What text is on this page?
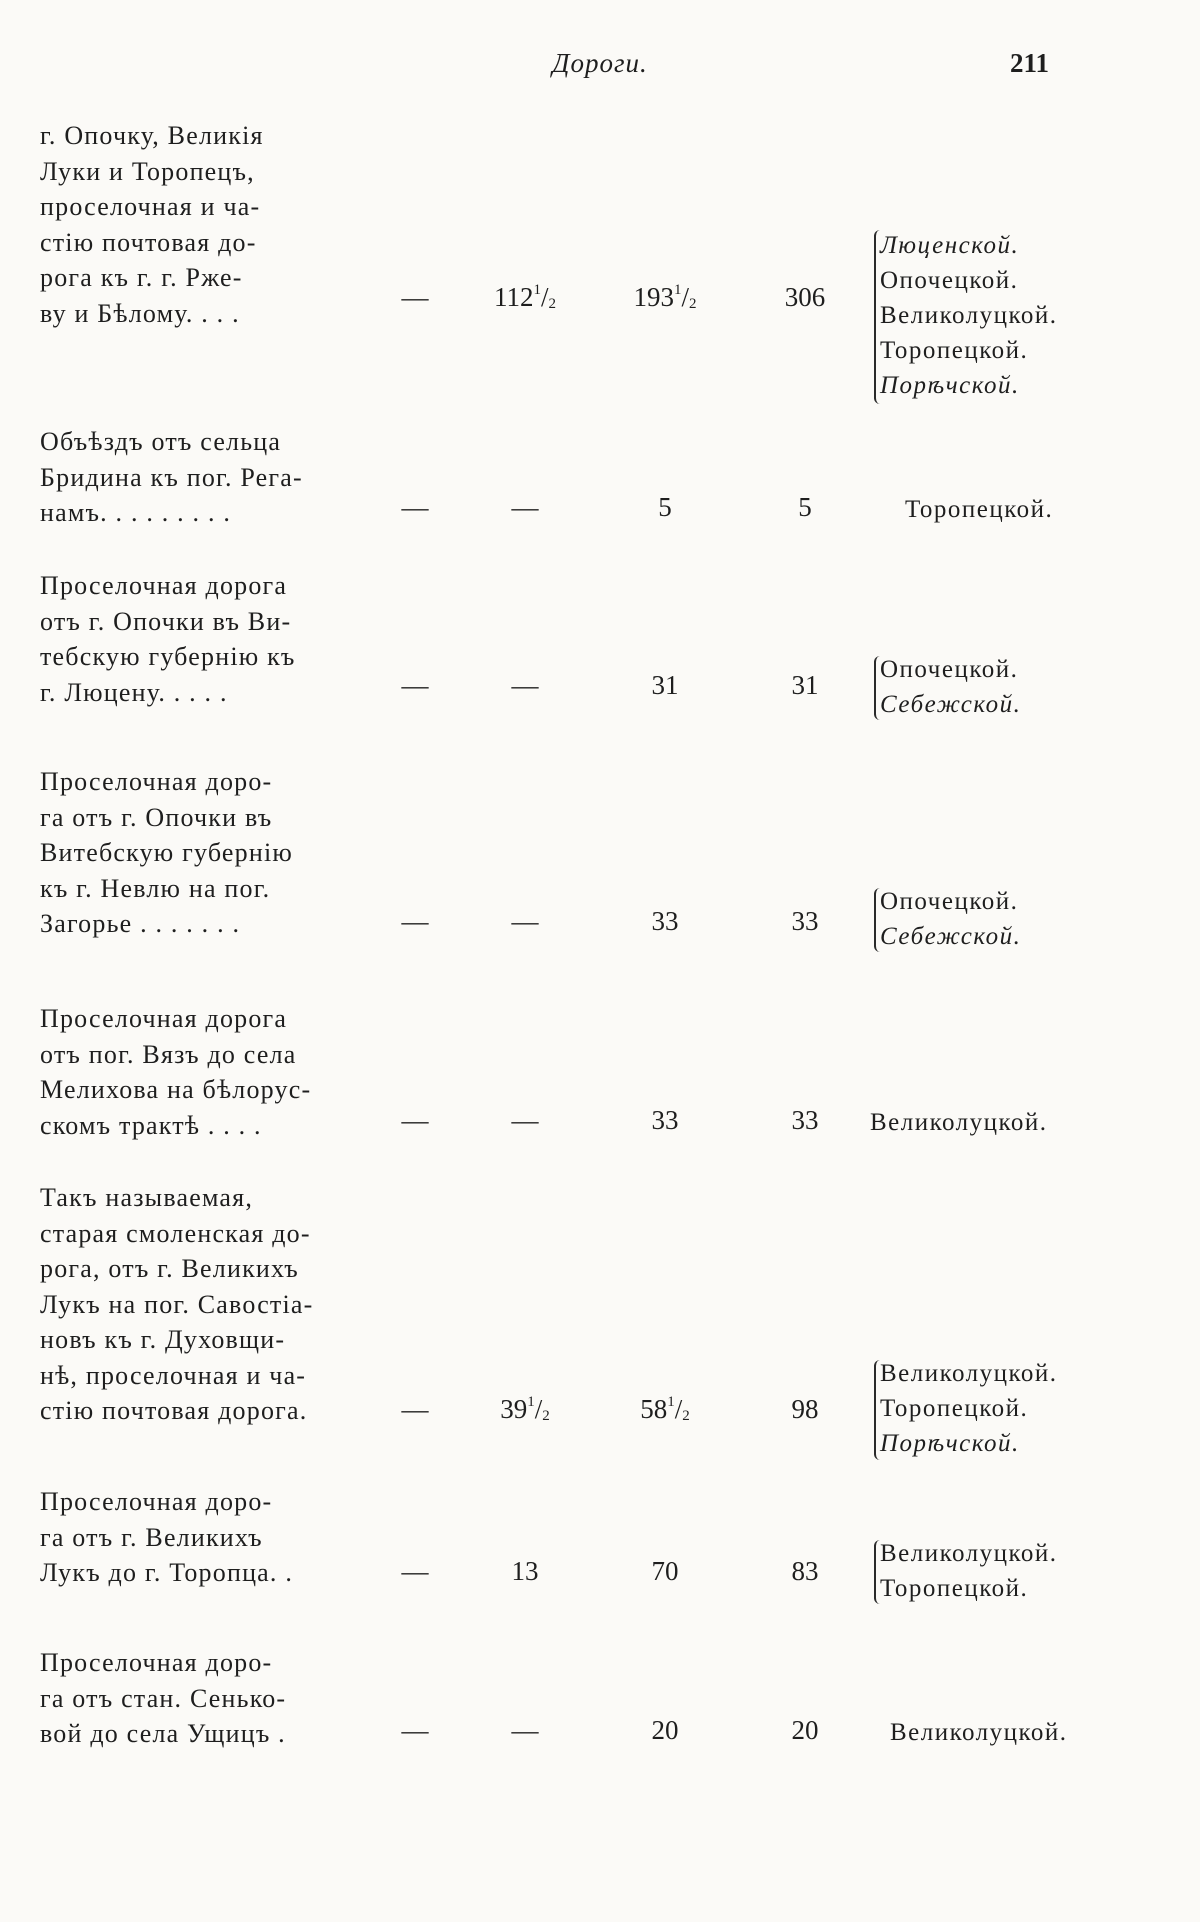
Дороги.	211
г. Опочку, Великія
Луки и Торопецъ,
проселочная и ча-
стію почтовая до-
рога къ г. г. Рже-
ву и Бѣлому. . . .
—	$112^1/_2$	$193^1/_2$	306
Люценской.
Опочецкой.
Великолуцкой.
Торопецкой.
Порѣчской.
Объѣздъ отъ сельца
Бридина къ пог. Рега-
намъ. . . . . . . . .	—	—	5	5	Торопецкой.
Проселочная дорога
отъ г. Опочки въ Ви-
тебскую губернію къ
г. Люцену. . . . .	—	—	31	31
Опочецкой.
Себежской.
Проселочная доро-
га отъ г. Опочки въ
Витебскую губернію
къ г. Невлю на пог.
Загорье . . . . . . .	—	—	33	33
Опочецкой.
Себежской.
Проселочная дорога
отъ пог. Вязъ до села
Мелихова на бѣлорус-
скомъ трактѣ . . . .	—	—	33	33	Великолуцкой.
Такъ называемая,
старая смоленская до-
рога, отъ г. Великихъ
Лукъ на пог. Савостіа-
новъ къ г. Духовщи-
нѣ, проселочная и ча-
стію почтовая дорога.	—	$39^1/_2$	$58^1/_2$	98
Великолуцкой.
Торопецкой.
Порѣчской.
Проселочная доро-
га отъ г. Великихъ
Лукъ до г. Торопца. .	—	13	70	83
Великолуцкой.
Торопецкой.
Проселочная доро-
га отъ стан. Сенько-
вой до села Ущицъ .	—	—	20	20	Великолуцкой.
